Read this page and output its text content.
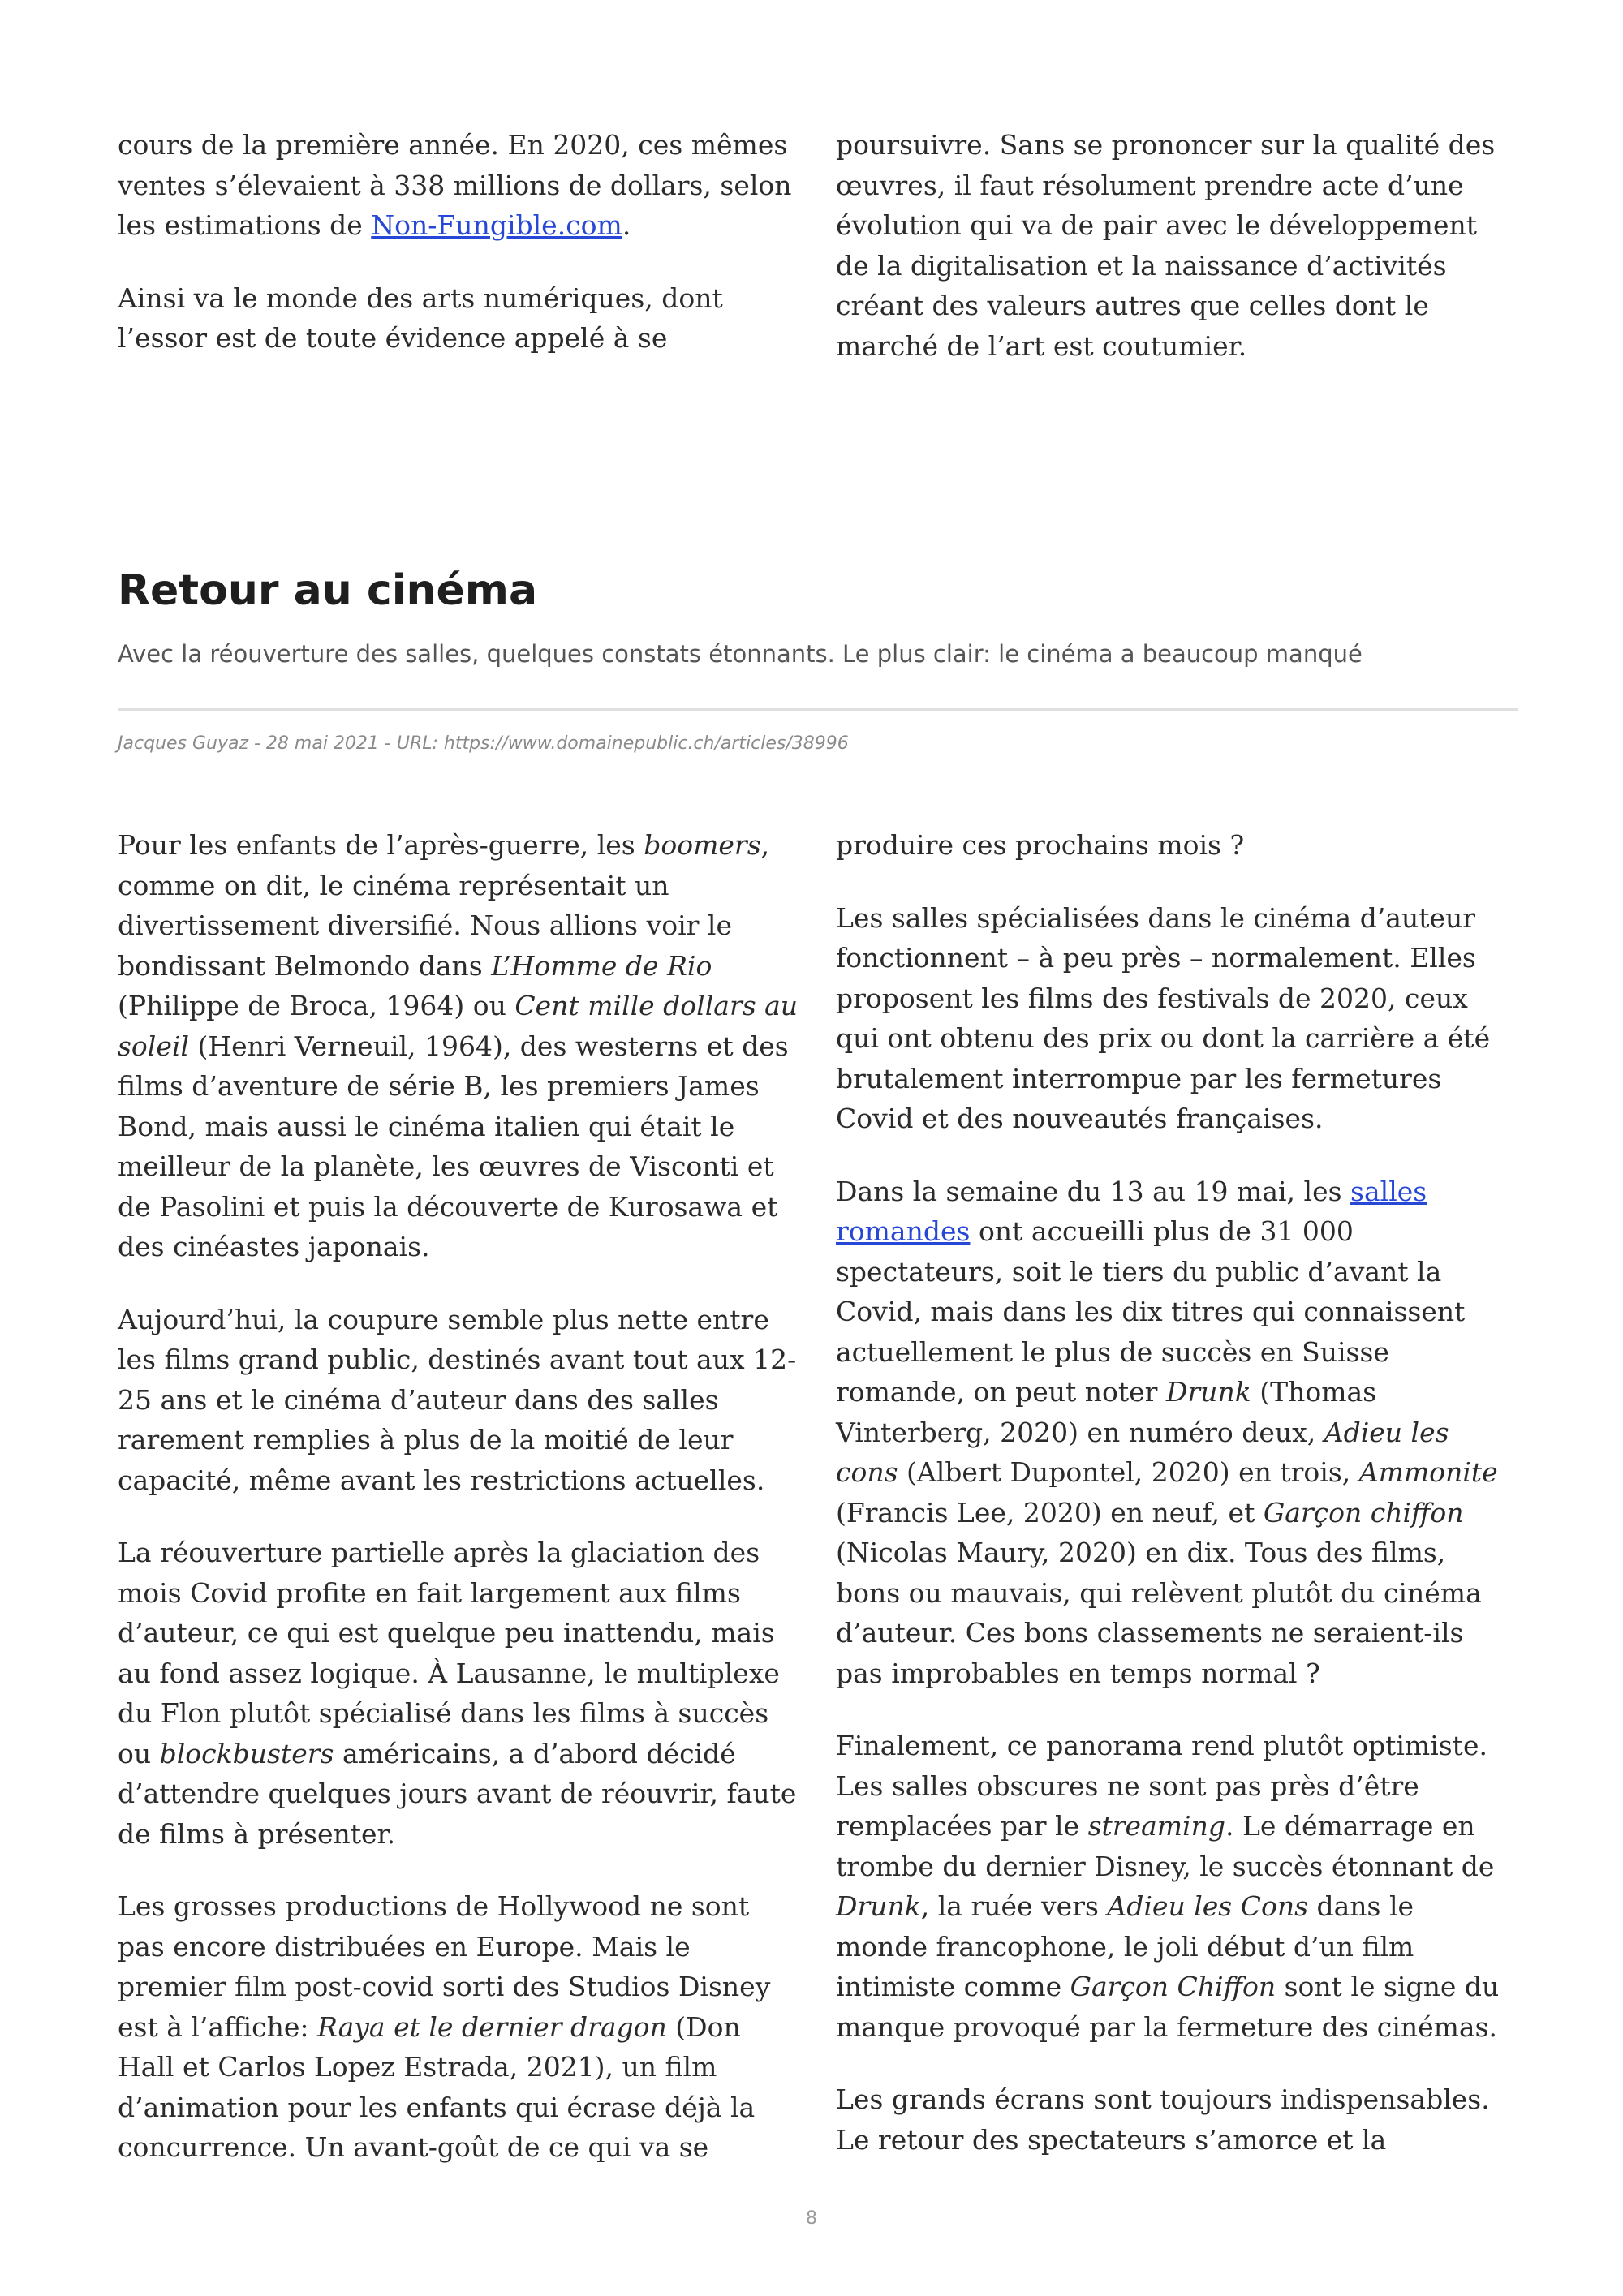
cours de la première année. En 2020, ces mêmes ventes s’élevaient à 338 millions de dollars, selon les estimations de Non-Fungible.com.

Ainsi va le monde des arts numériques, dont l’essor est de toute évidence appelé à se

poursuivre. Sans se prononcer sur la qualité des œuvres, il faut résolument prendre acte d’une évolution qui va de pair avec le développement de la digitalisation et la naissance d’activités créant des valeurs autres que celles dont le marché de l’art est coutumier.

Retour au cinéma

Avec la réouverture des salles, quelques constats étonnants. Le plus clair: le cinéma a beaucoup manqué

Jacques Guyaz - 28 mai 2021 - URL: https://www.domainepublic.ch/articles/38996

Pour les enfants de l’après-guerre, les boomers, comme on dit, le cinéma représentait un divertissement diversifié. Nous allions voir le bondissant Belmondo dans L’Homme de Rio (Philippe de Broca, 1964) ou Cent mille dollars au soleil (Henri Verneuil, 1964), des westerns et des films d’aventure de série B, les premiers James Bond, mais aussi le cinéma italien qui était le meilleur de la planète, les œuvres de Visconti et de Pasolini et puis la découverte de Kurosawa et des cinéastes japonais.

Aujourd’hui, la coupure semble plus nette entre les films grand public, destinés avant tout aux 12-25 ans et le cinéma d’auteur dans des salles rarement remplies à plus de la moitié de leur capacité, même avant les restrictions actuelles.

La réouverture partielle après la glaciation des mois Covid profite en fait largement aux films d’auteur, ce qui est quelque peu inattendu, mais au fond assez logique. À Lausanne, le multiplexe du Flon plutôt spécialisé dans les films à succès ou blockbusters américains, a d’abord décidé d’attendre quelques jours avant de réouvrir, faute de films à présenter.

Les grosses productions de Hollywood ne sont pas encore distribuées en Europe. Mais le premier film post-covid sorti des Studios Disney est à l’affiche: Raya et le dernier dragon (Don Hall et Carlos Lopez Estrada, 2021), un film d’animation pour les enfants qui écrase déjà la concurrence. Un avant-goût de ce qui va se

produire ces prochains mois ?

Les salles spécialisées dans le cinéma d’auteur fonctionnent – à peu près – normalement. Elles proposent les films des festivals de 2020, ceux qui ont obtenu des prix ou dont la carrière a été brutalement interrompue par les fermetures Covid et des nouveautés françaises.

Dans la semaine du 13 au 19 mai, les salles romandes ont accueilli plus de 31 000 spectateurs, soit le tiers du public d’avant la Covid, mais dans les dix titres qui connaissent actuellement le plus de succès en Suisse romande, on peut noter Drunk (Thomas Vinterberg, 2020) en numéro deux, Adieu les cons (Albert Dupontel, 2020) en trois, Ammonite (Francis Lee, 2020) en neuf, et Garçon chiffon (Nicolas Maury, 2020) en dix. Tous des films, bons ou mauvais, qui relèvent plutôt du cinéma d’auteur. Ces bons classements ne seraient-ils pas improbables en temps normal ?

Finalement, ce panorama rend plutôt optimiste. Les salles obscures ne sont pas près d’être remplacées par le streaming. Le démarrage en trombe du dernier Disney, le succès étonnant de Drunk, la ruée vers Adieu les Cons dans le monde francophone, le joli début d’un film intimiste comme Garçon Chiffon sont le signe du manque provoqué par la fermeture des cinémas.

Les grands écrans sont toujours indispensables. Le retour des spectateurs s’amorce et la

8
